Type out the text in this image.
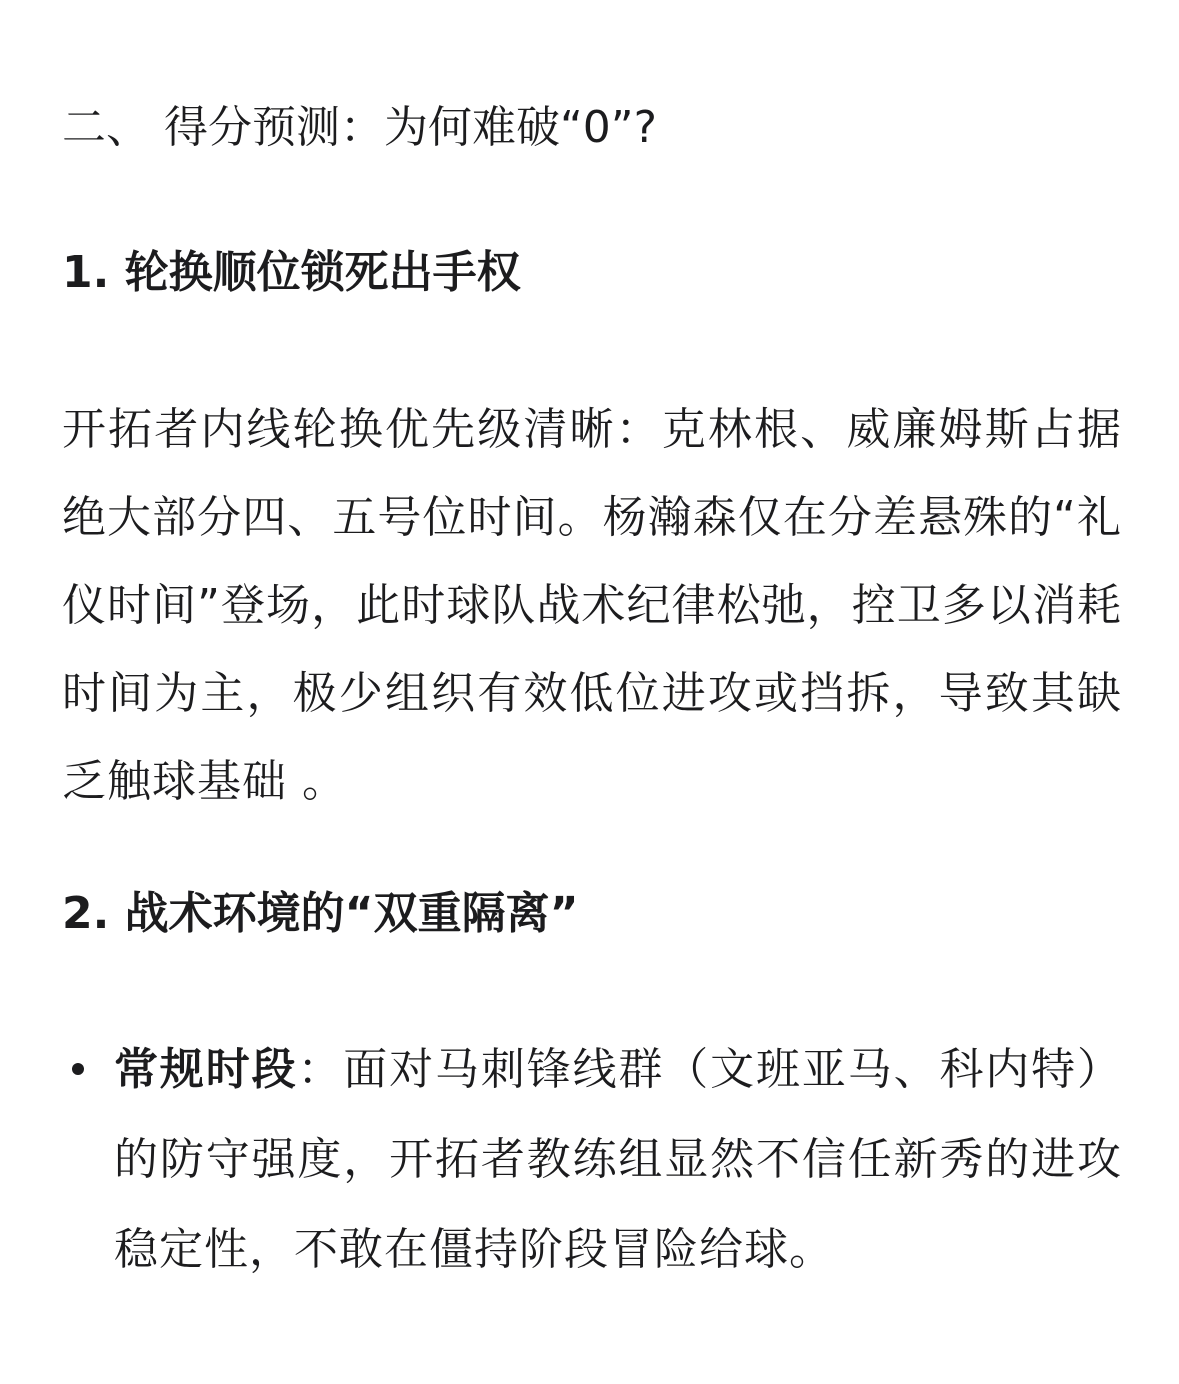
二、 得分预测：为何难破“0”?
1. 轮换顺位锁死出手权

开拓者内线轮换优先级清晰：克林根、威廉姆斯占据绝大部分四、五号位时间。杨瀚森仅在分差悬殊的“礼仪时间”登场，此时球队战术纪律松弛，控卫多以消耗时间为主，极少组织有效低位进攻或挡拆，导致其缺乏触球基础 。

2. 战术环境的“双重隔离”
常规时段：面对马刺锋线群（文班亚马、科内特）的防守强度，开拓者教练组显然不信任新秀的进攻稳定性，不敢在僵持阶段冒险给球。
